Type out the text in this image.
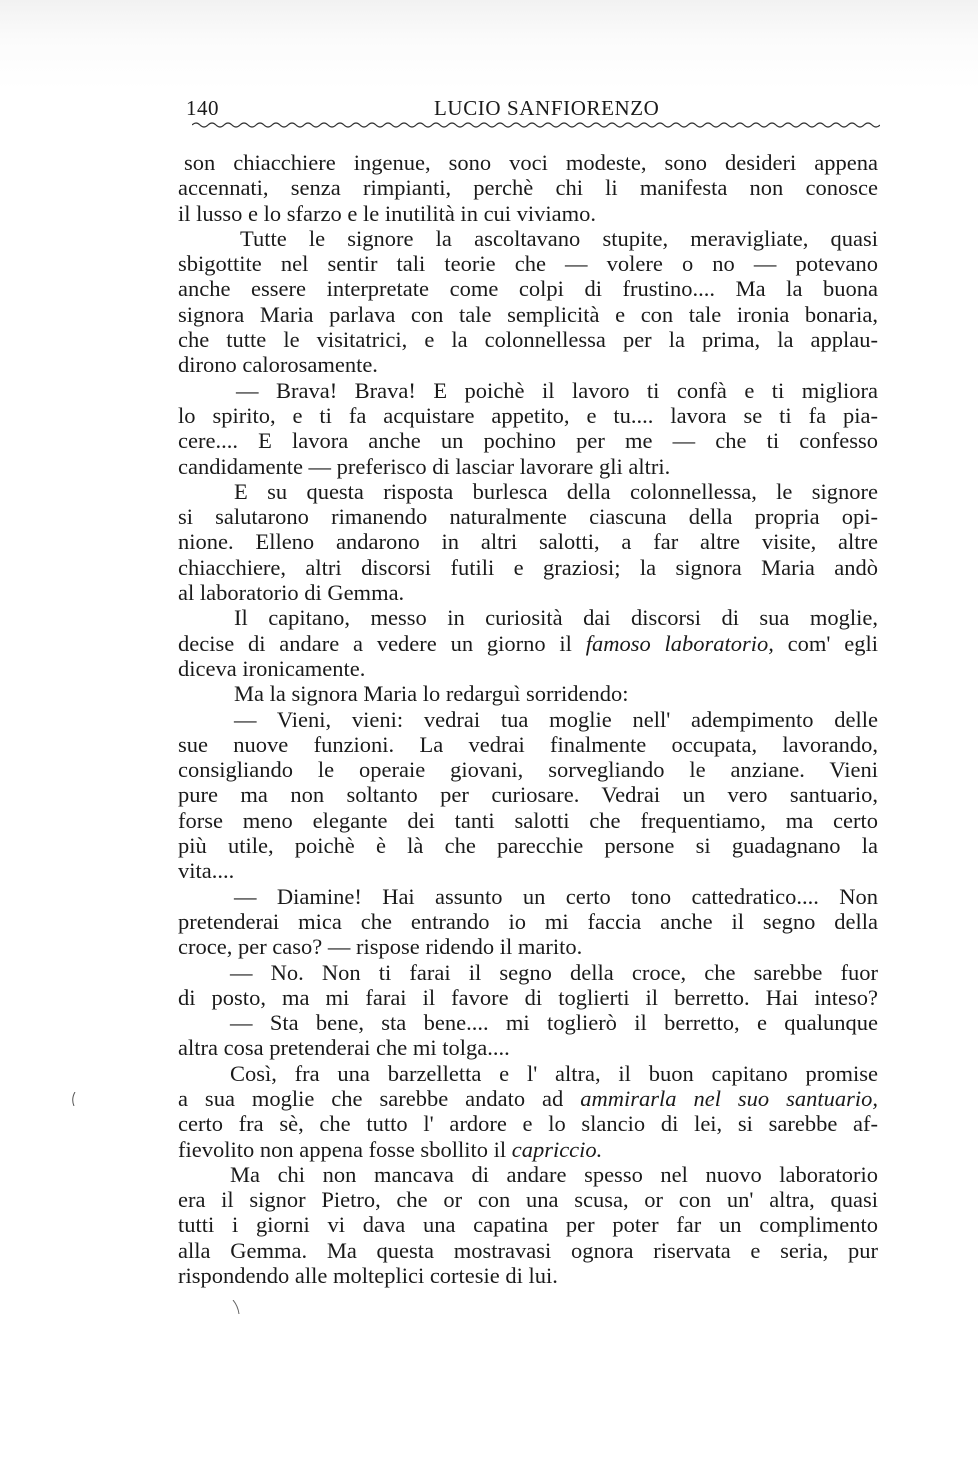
140	LUCIO SANFIORENZO
son chiacchiere ingenue, sono voci modeste, sono desideri appena
accennati, senza rimpianti, perchè chi li manifesta non conosce
il lusso e lo sfarzo e le inutilità in cui viviamo.
Tutte le signore la ascoltavano stupite, meravigliate, quasi
sbigottite nel sentir tali teorie che — volere o no — potevano
anche essere interpretate come colpi di frustino.... Ma la buona
signora Maria parlava con tale semplicità e con tale ironia bonaria,
che tutte le visitatrici, e la colonnellessa per la prima, la applau-
dirono calorosamente.
— Brava! Brava! E poichè il lavoro ti confà e ti migliora
lo spirito, e ti fa acquistare appetito, e tu.... lavora se ti fa pia-
cere.... E lavora anche un pochino per me — che ti confesso
candidamente — preferisco di lasciar lavorare gli altri.
E su questa risposta burlesca della colonnellessa, le signore
si salutarono rimanendo naturalmente ciascuna della propria opi-
nione. Elleno andarono in altri salotti, a far altre visite, altre
chiacchiere, altri discorsi futili e graziosi; la signora Maria andò
al laboratorio di Gemma.
Il capitano, messo in curiosità dai discorsi di sua moglie,
decise di andare a vedere un giorno il famoso laboratorio, com' egli
diceva ironicamente.
Ma la signora Maria lo redarguì sorridendo:
— Vieni, vieni: vedrai tua moglie nell' adempimento delle
sue nuove funzioni. La vedrai finalmente occupata, lavorando,
consigliando le operaie giovani, sorvegliando le anziane. Vieni
pure ma non soltanto per curiosare. Vedrai un vero santuario,
forse meno elegante dei tanti salotti che frequentiamo, ma certo
più utile, poichè è là che parecchie persone si guadagnano la
vita....
— Diamine! Hai assunto un certo tono cattedratico.... Non
pretenderai mica che entrando io mi faccia anche il segno della
croce, per caso? — rispose ridendo il marito.
— No. Non ti farai il segno della croce, che sarebbe fuor
di posto, ma mi farai il favore di toglierti il berretto. Hai inteso?
— Sta bene, sta bene.... mi toglierò il berretto, e qualunque
altra cosa pretenderai che mi tolga....
Così, fra una barzelletta e l' altra, il buon capitano promise
a sua moglie che sarebbe andato ad ammirarla nel suo santuario,
certo fra sè, che tutto l' ardore e lo slancio di lei, si sarebbe af-
fievolito non appena fosse sbollito il capriccio.
Ma chi non mancava di andare spesso nel nuovo laboratorio
era il signor Pietro, che or con una scusa, or con un' altra, quasi
tutti i giorni vi dava una capatina per poter far un complimento
alla Gemma. Ma questa mostravasi ognora riservata e seria, pur
rispondendo alle molteplici cortesie di lui.
